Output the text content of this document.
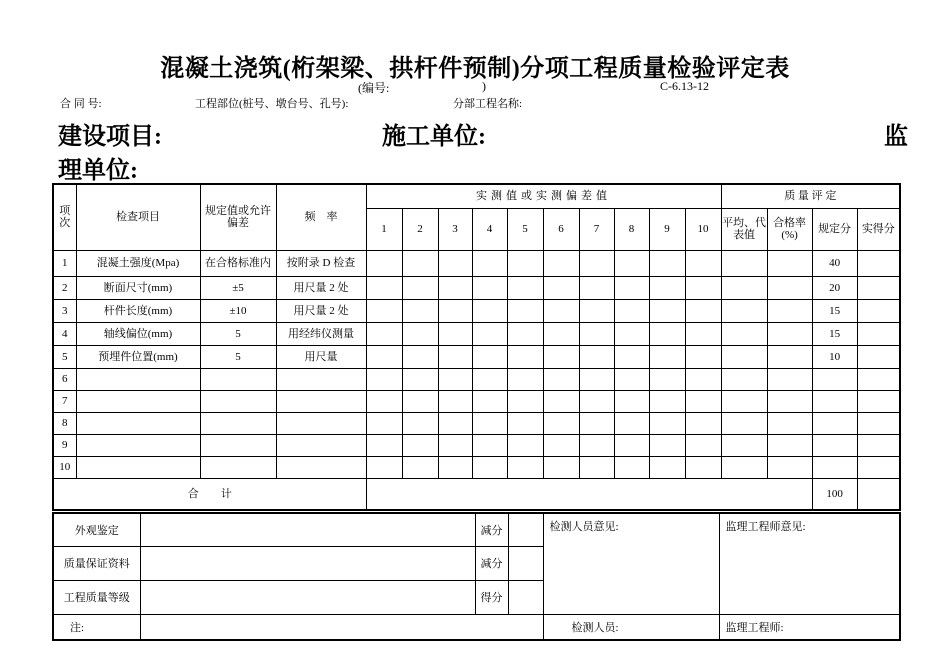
混凝土浇筑(桁架梁、拱杆件预制)分项工程质量检验评定表
(编号:	)	C-6.13-12
合 同 号:	工程部位(桩号、墩台号、孔号):	分部工程名称:
建设项目:	施工单位:	监
理单位:
项次	检查项目	规定值或允许偏差	频　率	实测值或实测偏差值										质 量 评 定			
				1	2	3	4	5	6	7	8	9	10	平均、代表值	合格率(%)	规定分	实得分
1	混凝土强度(Mpa)	在合格标准内	按附录 D 检查													40	
2	断面尺寸(mm)	±5	用尺量 2 处													20	
3	杆件长度(mm)	±10	用尺量 2 处													15	
4	轴线偏位(mm)	5	用经纬仪测量													15	
5	预埋件位置(mm)	5	用尺量													10	
6																	
7																	
8																	
9																	
10																	
合　　计																100	
外观鉴定		减分		检测人员意见:	监理工程师意见:
质量保证资料		减分			
工程质量等级		得分			
注:				检测人员:	监理工程师:
